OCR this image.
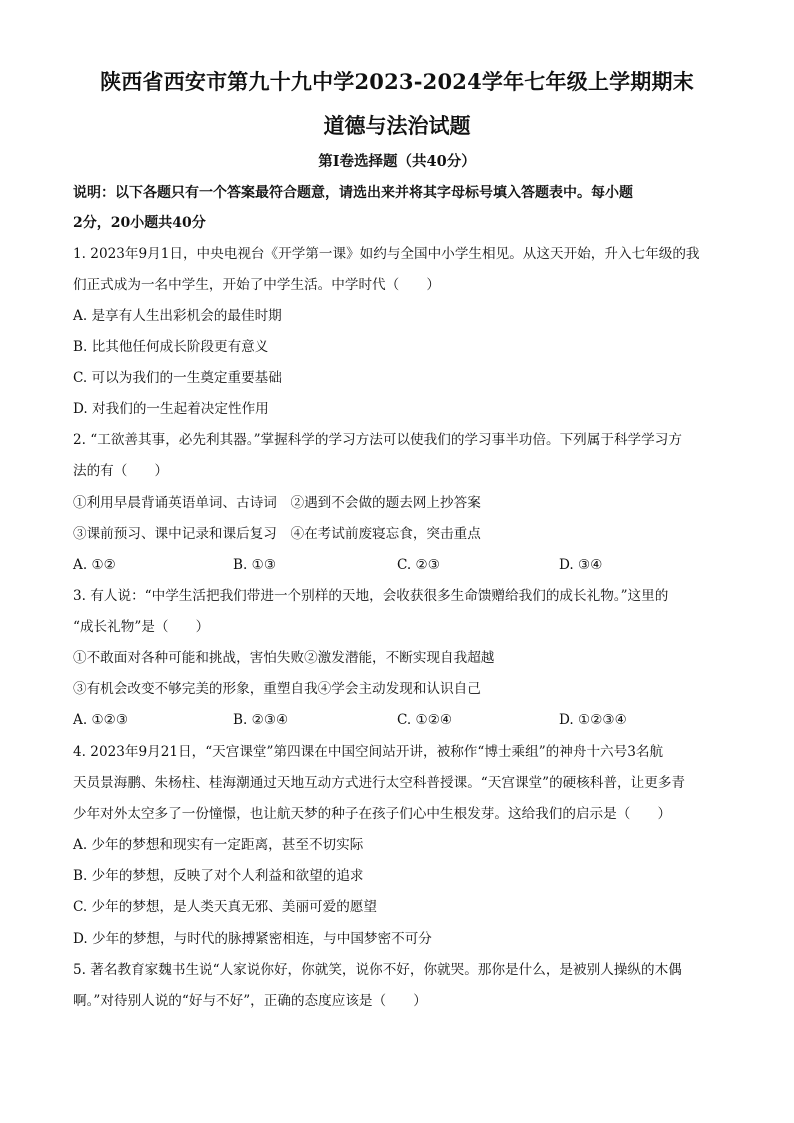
陕西省西安市第九十九中学2023-2024学年七年级上学期期末
道德与法治试题
第Ⅰ卷选择题（共40分）
说明：以下各题只有一个答案最符合题意，请选出来并将其字母标号填入答题表中。每小题
2分，20小题共40分
1. 2023年9月1日，中央电视台《开学第一课》如约与全国中小学生相见。从这天开始，升入七年级的我
们正式成为一名中学生，开始了中学生活。中学时代（　　）
A. 是享有人生出彩机会的最佳时期
B. 比其他任何成长阶段更有意义
C. 可以为我们的一生奠定重要基础
D. 对我们的一生起着决定性作用
2. “工欲善其事，必先利其器。”掌握科学的学习方法可以使我们的学习事半功倍。下列属于科学学习方
法的有（　　）
①利用早晨背诵英语单词、古诗词　②遇到不会做的题去网上抄答案
③课前预习、课中记录和课后复习　④在考试前废寝忘食，突击重点
A. ①②	B. ①③	C. ②③	D. ③④
3. 有人说：“中学生活把我们带进一个别样的天地，会收获很多生命馈赠给我们的成长礼物。”这里的
“成长礼物”是（　　）
①不敢面对各种可能和挑战，害怕失败②激发潜能，不断实现自我超越
③有机会改变不够完美的形象，重塑自我④学会主动发现和认识自己
A. ①②③	B. ②③④	C. ①②④	D. ①②③④
4. 2023年9月21日，“天宫课堂”第四课在中国空间站开讲，被称作“博士乘组”的神舟十六号3名航
天员景海鹏、朱杨柱、桂海潮通过天地互动方式进行太空科普授课。“天宫课堂”的硬核科普，让更多青
少年对外太空多了一份憧憬，也让航天梦的种子在孩子们心中生根发芽。这给我们的启示是（　　）
A. 少年的梦想和现实有一定距离，甚至不切实际
B. 少年的梦想，反映了对个人利益和欲望的追求
C. 少年的梦想，是人类天真无邪、美丽可爱的愿望
D. 少年的梦想，与时代的脉搏紧密相连，与中国梦密不可分
5. 著名教育家魏书生说“人家说你好，你就笑，说你不好，你就哭。那你是什么，是被别人操纵的木偶
啊。”对待别人说的“好与不好”，正确的态度应该是（　　）
